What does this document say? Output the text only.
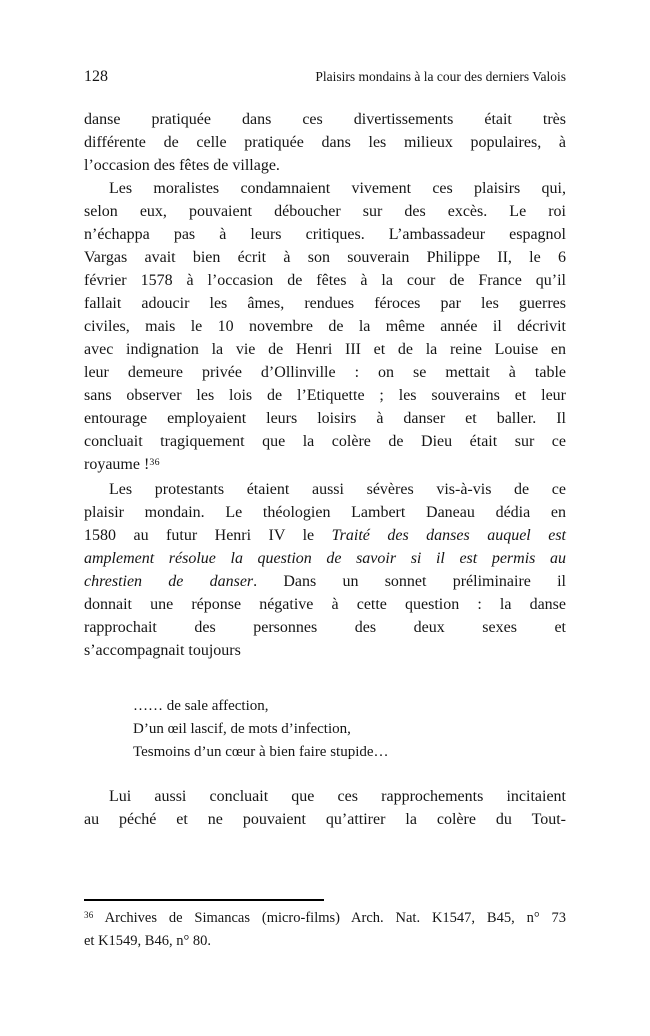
128	Plaisirs mondains à la cour des derniers Valois
danse pratiquée dans ces divertissements était très
différente de celle pratiquée dans les milieux populaires, à
l’occasion des fêtes de village.
Les moralistes condamnaient vivement ces plaisirs qui,
selon eux, pouvaient déboucher sur des excès. Le roi
n’échappa pas à leurs critiques. L’ambassadeur espagnol
Vargas avait bien écrit à son souverain Philippe II, le 6
février 1578 à l’occasion de fêtes à la cour de France qu’il
fallait adoucir les âmes, rendues féroces par les guerres
civiles, mais le 10 novembre de la même année il décrivit
avec indignation la vie de Henri III et de la reine Louise en
leur demeure privée d’Ollinville : on se mettait à table
sans observer les lois de l’Etiquette ; les souverains et leur
entourage employaient leurs loisirs à danser et baller. Il
concluait tragiquement que la colère de Dieu était sur ce
royaume !$^{36}$
Les protestants étaient aussi sévères vis-à-vis de ce
plaisir mondain. Le théologien Lambert Daneau dédia en
1580 au futur Henri IV le Traité des danses auquel est
amplement résolue la question de savoir si il est permis au
chrestien de danser. Dans un sonnet préliminaire il
donnait une réponse négative à cette question : la danse
rapprochait des personnes des deux sexes et
s’accompagnait toujours
…… de sale affection,
D’un œil lascif, de mots d’infection,
Tesmoins d’un cœur à bien faire stupide…
Lui aussi concluait que ces rapprochements incitaient
au péché et ne pouvaient qu’attirer la colère du Tout-
$^{36}$ Archives de Simancas (micro-films) Arch. Nat. K1547, B45, n° 73
et K1549, B46, n° 80.
